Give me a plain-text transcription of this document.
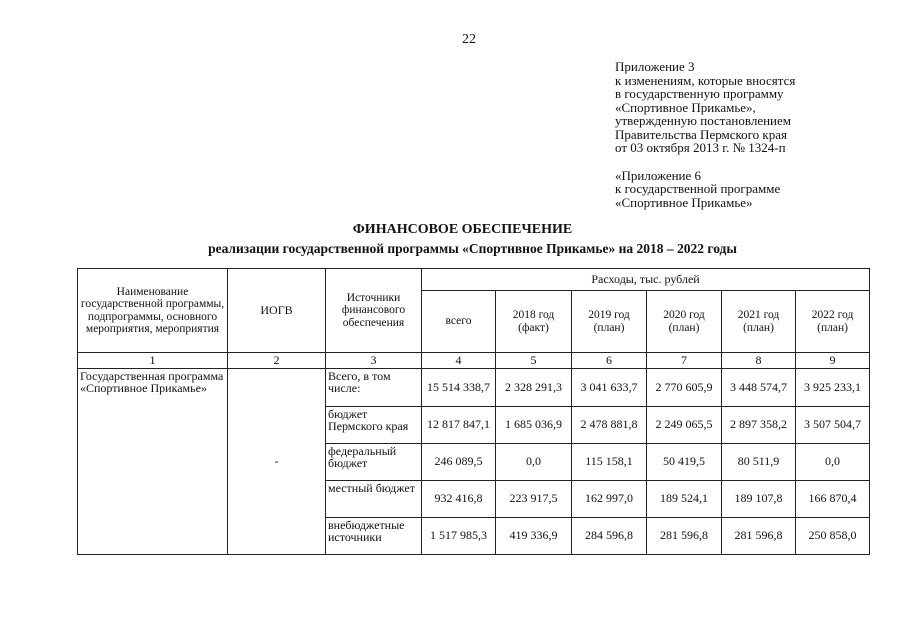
22
Приложение 3
к изменениям, которые вносятся
в государственную программу
«Спортивное Прикамье»,
утвержденную постановлением
Правительства Пермского края
от 03 октября 2013 г. № 1324-п
«Приложение 6
к государственной программе
«Спортивное Прикамье»
ФИНАНСОВОЕ ОБЕСПЕЧЕНИЕ
реализации государственной программы «Спортивное Прикамье» на 2018 – 2022 годы
Наименование государственной программы, подпрограммы, основного мероприятия, мероприятия	ИОГВ	Источники финансового обеспечения	Расходы, тыс. рублей					
			всего	2018 год (факт)	2019 год (план)	2020 год (план)	2021 год (план)	2022 год (план)
1	2	3	4	5	6	7	8	9
Государственная программа «Спортивное Прикамье»	-	Всего, в том числе:	15 514 338,7	2 328 291,3	3 041 633,7	2 770 605,9	3 448 574,7	3 925 233,1
		бюджет Пермского края	12 817 847,1	1 685 036,9	2 478 881,8	2 249 065,5	2 897 358,2	3 507 504,7
		федеральный бюджет	246 089,5	0,0	115 158,1	50 419,5	80 511,9	0,0
		местный бюджет	932 416,8	223 917,5	162 997,0	189 524,1	189 107,8	166 870,4
		внебюджетные источники	1 517 985,3	419 336,9	284 596,8	281 596,8	281 596,8	250 858,0
